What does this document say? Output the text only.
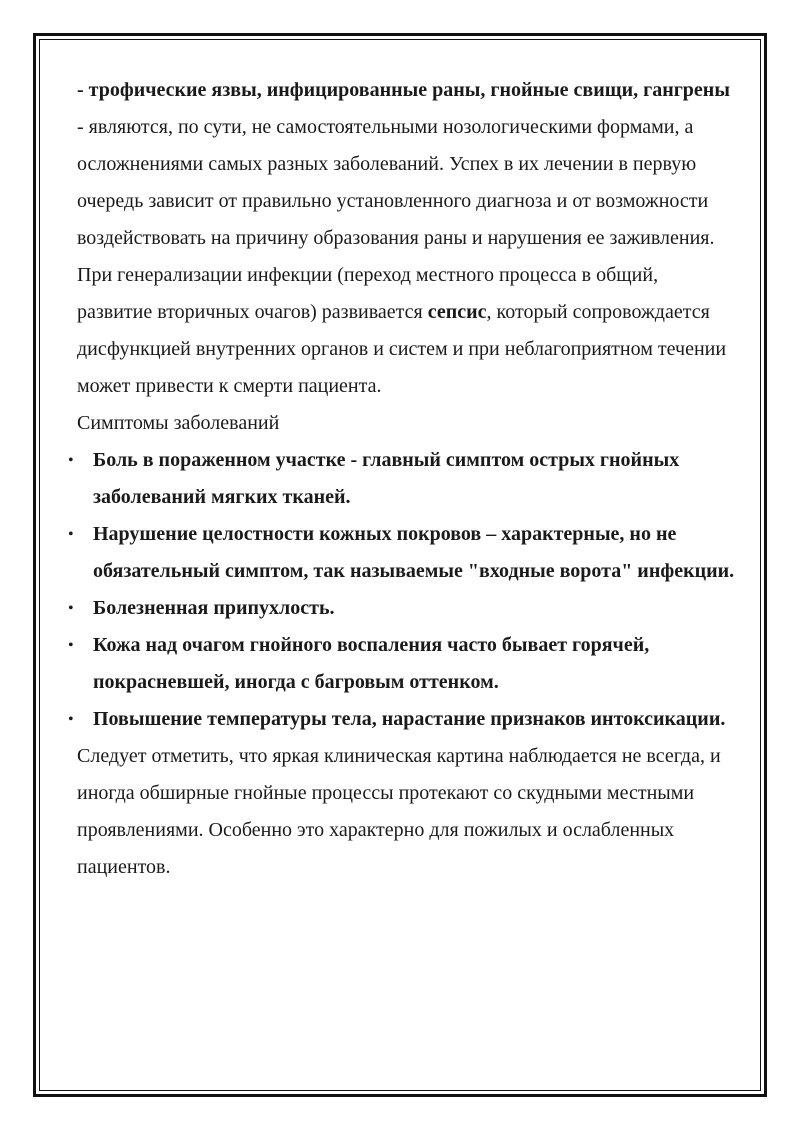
- трофические язвы, инфицированные раны, гнойные свищи, гангрены - являются, по сути, не самостоятельными нозологическими формами, а осложнениями самых разных заболеваний. Успех в их лечении в первую очередь зависит от правильно установленного диагноза и от возможности воздействовать на причину образования раны и нарушения ее заживления.

При генерализации инфекции (переход местного процесса в общий, развитие вторичных очагов) развивается сепсис, который сопровождается дисфункцией внутренних органов и систем и при неблагоприятном течении может привести к смерти пациента.

Симптомы заболеваний

• Боль в пораженном участке - главный симптом острых гнойных заболеваний мягких тканей.
• Нарушение целостности кожных покровов – характерные, но не обязательный симптом, так называемые "входные ворота" инфекции.
• Болезненная припухлость.
• Кожа над очагом гнойного воспаления часто бывает горячей, покрасневшей, иногда с багровым оттенком.
• Повышение температуры тела, нарастание признаков интоксикации.

Следует отметить, что яркая клиническая картина наблюдается не всегда, и иногда обширные гнойные процессы протекают со скудными местными проявлениями. Особенно это характерно для пожилых и ослабленных пациентов.
